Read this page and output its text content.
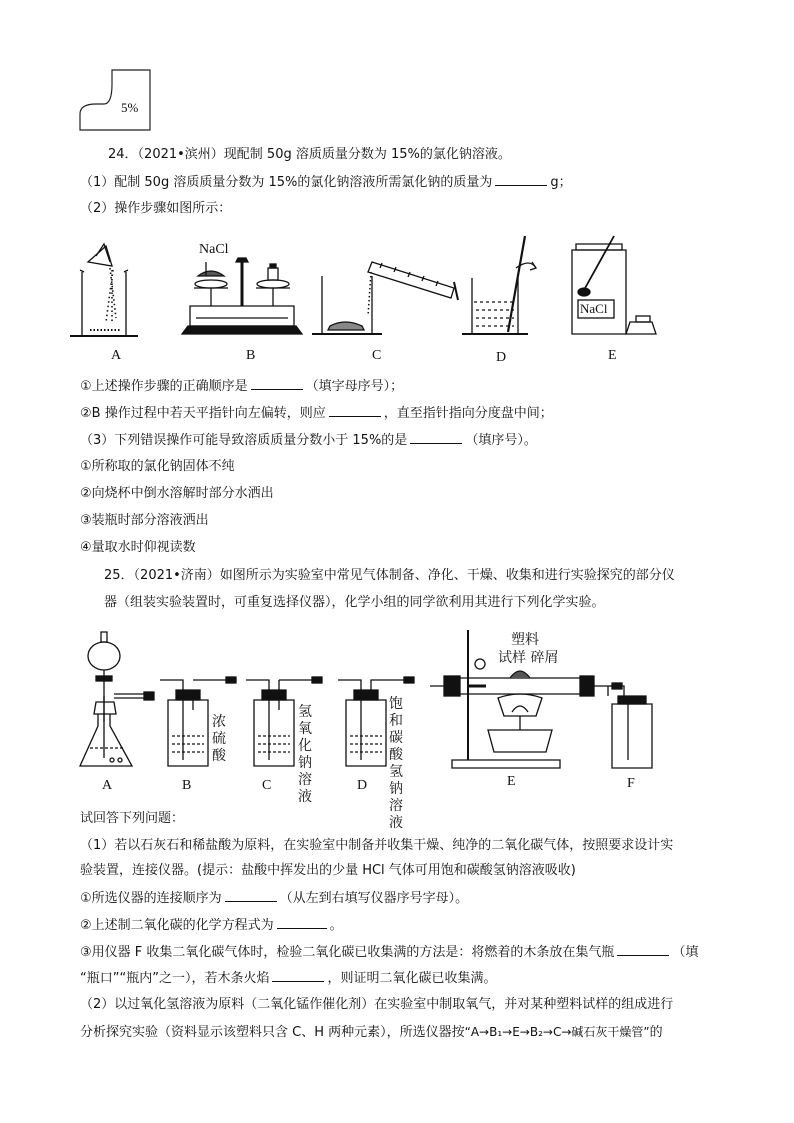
5%
24．（2021•滨州）现配制 50g 溶质质量分数为 15%的氯化钠溶液。
（1）配制 50g 溶质质量分数为 15%的氯化钠溶液所需氯化钠的质量为	g；
（2）操作步骤如图所示：
NaCl
NaCl
A	B	C	D	E
①上述操作步骤的正确顺序是	（填字母序号）；
②B 操作过程中若天平指针向左偏转，则应	，直至指针指向分度盘中间；
（3）下列错误操作可能导致溶质质量分数小于 15%的是	（填序号）。
①所称取的氯化钠固体不纯
②向烧杯中倒水溶解时部分水洒出
③装瓶时部分溶液洒出
④量取水时仰视读数
25．（2021•济南）如图所示为实验室中常见气体制备、净化、干燥、收集和进行实验探究的部分仪
器（组装实验装置时，可重复选择仪器），化学小组的同学欲利用其进行下列化学实验。
浓硫酸
氢氧化钠溶液
饱和碳酸氢钠溶液
塑料
试样 碎屑
A	B	C	D	E	F
试回答下列问题：
（1）若以石灰石和稀盐酸为原料，在实验室中制备并收集干燥、纯净的二氧化碳气体，按照要求设计实
验装置，连接仪器。(提示：盐酸中挥发出的少量 HCl 气体可用饱和碳酸氢钠溶液吸收)
①所选仪器的连接顺序为	（从左到右填写仪器序号字母）。
②上述制二氧化碳的化学方程式为	。
③用仪器 F 收集二氧化碳气体时，检验二氧化碳已收集满的方法是：将燃着的木条放在集气瓶	（填
“瓶口”“瓶内”之一），若木条火焰	，则证明二氧化碳已收集满。
（2）以过氧化氢溶液为原料（二氧化锰作催化剂）在实验室中制取氧气，并对某种塑料试样的组成进行
分析探究实验（资料显示该塑料只含 C、H 两种元素），所选仪器按“A→B₁→E→B₂→C→碱石灰干燥管”的
